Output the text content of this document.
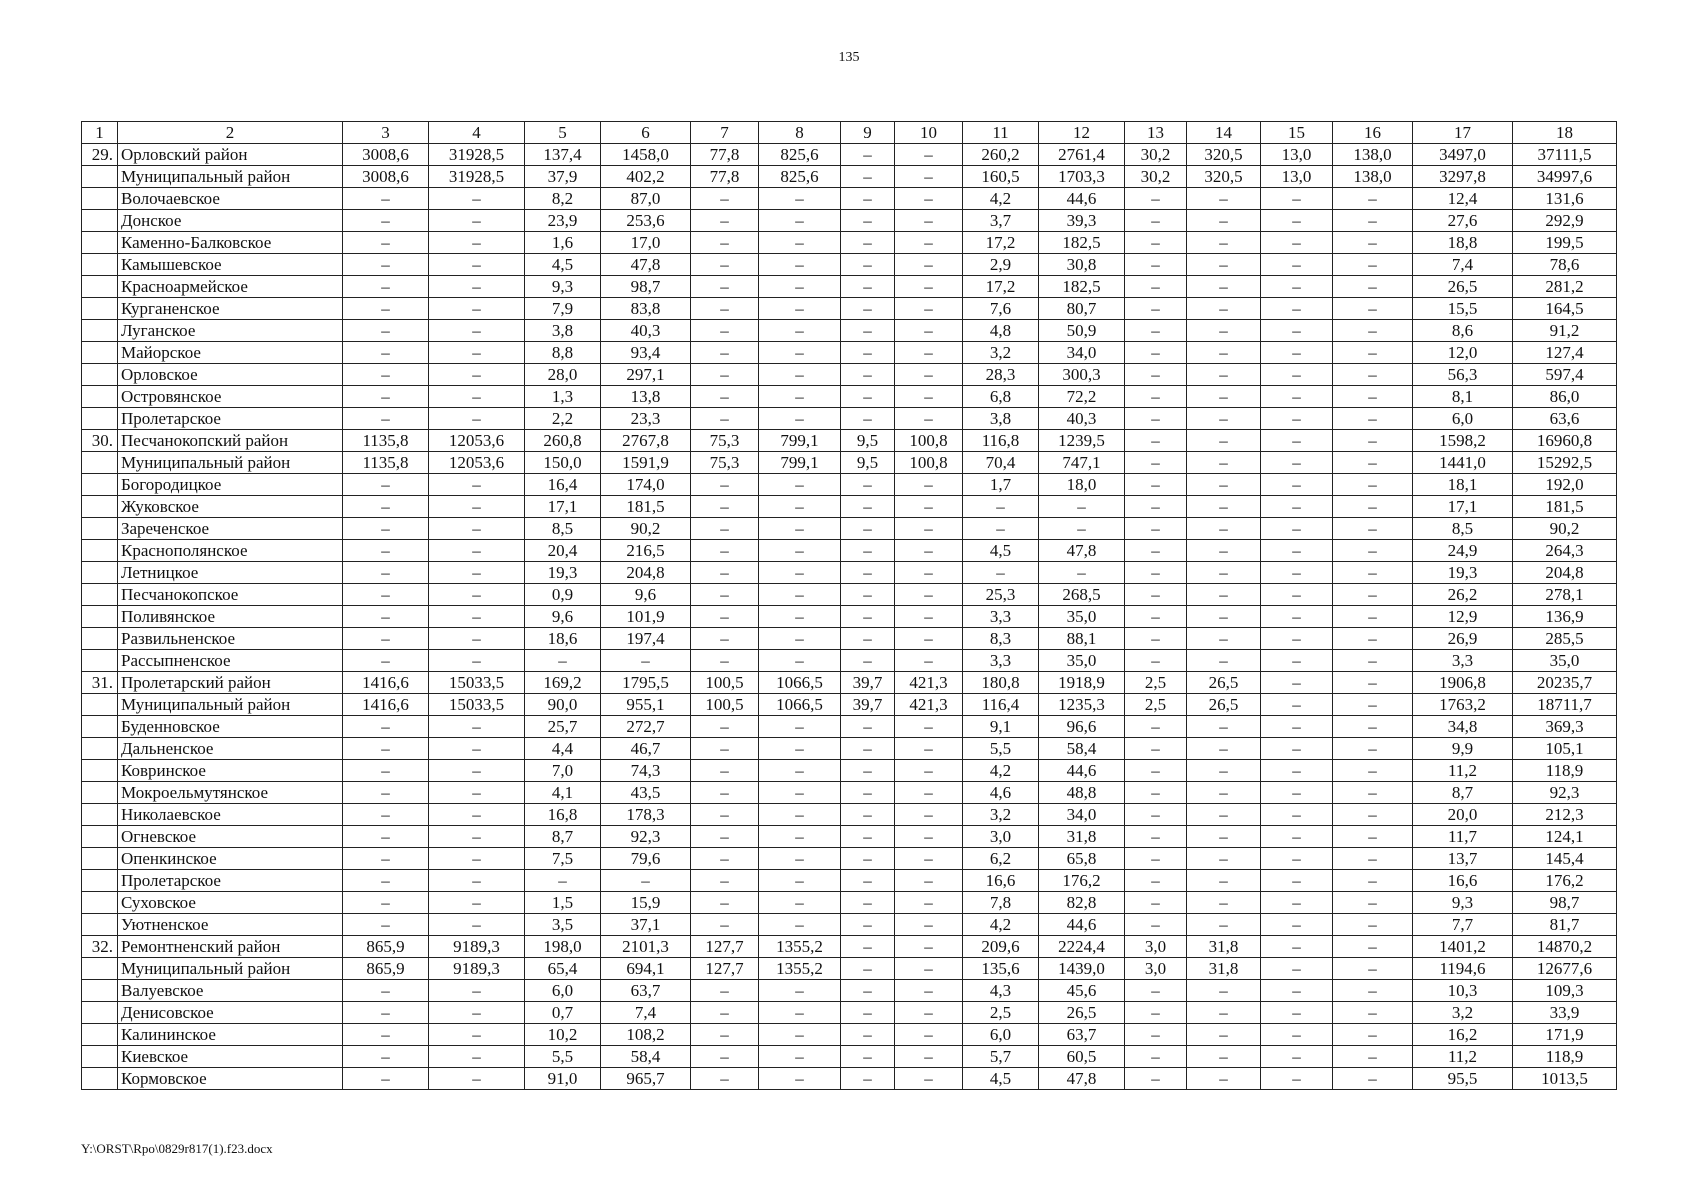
135
1	2	3	4	5	6	7	8	9	10	11	12	13	14	15	16	17	18
29.	Орловский район	3008,6	31928,5	137,4	1458,0	77,8	825,6	–	–	260,2	2761,4	30,2	320,5	13,0	138,0	3497,0	37111,5
	Муниципальный район	3008,6	31928,5	37,9	402,2	77,8	825,6	–	–	160,5	1703,3	30,2	320,5	13,0	138,0	3297,8	34997,6
	Волочаевское	–	–	8,2	87,0	–	–	–	–	4,2	44,6	–	–	–	–	12,4	131,6
	Донское	–	–	23,9	253,6	–	–	–	–	3,7	39,3	–	–	–	–	27,6	292,9
	Каменно-Балковское	–	–	1,6	17,0	–	–	–	–	17,2	182,5	–	–	–	–	18,8	199,5
	Камышевское	–	–	4,5	47,8	–	–	–	–	2,9	30,8	–	–	–	–	7,4	78,6
	Красноармейское	–	–	9,3	98,7	–	–	–	–	17,2	182,5	–	–	–	–	26,5	281,2
	Курганенское	–	–	7,9	83,8	–	–	–	–	7,6	80,7	–	–	–	–	15,5	164,5
	Луганское	–	–	3,8	40,3	–	–	–	–	4,8	50,9	–	–	–	–	8,6	91,2
	Майорское	–	–	8,8	93,4	–	–	–	–	3,2	34,0	–	–	–	–	12,0	127,4
	Орловское	–	–	28,0	297,1	–	–	–	–	28,3	300,3	–	–	–	–	56,3	597,4
	Островянское	–	–	1,3	13,8	–	–	–	–	6,8	72,2	–	–	–	–	8,1	86,0
	Пролетарское	–	–	2,2	23,3	–	–	–	–	3,8	40,3	–	–	–	–	6,0	63,6
30.	Песчанокопский район	1135,8	12053,6	260,8	2767,8	75,3	799,1	9,5	100,8	116,8	1239,5	–	–	–	–	1598,2	16960,8
	Муниципальный район	1135,8	12053,6	150,0	1591,9	75,3	799,1	9,5	100,8	70,4	747,1	–	–	–	–	1441,0	15292,5
	Богородицкое	–	–	16,4	174,0	–	–	–	–	1,7	18,0	–	–	–	–	18,1	192,0
	Жуковское	–	–	17,1	181,5	–	–	–	–	–	–	–	–	–	–	17,1	181,5
	Зареченское	–	–	8,5	90,2	–	–	–	–	–	–	–	–	–	–	8,5	90,2
	Краснополянское	–	–	20,4	216,5	–	–	–	–	4,5	47,8	–	–	–	–	24,9	264,3
	Летницкое	–	–	19,3	204,8	–	–	–	–	–	–	–	–	–	–	19,3	204,8
	Песчанокопское	–	–	0,9	9,6	–	–	–	–	25,3	268,5	–	–	–	–	26,2	278,1
	Поливянское	–	–	9,6	101,9	–	–	–	–	3,3	35,0	–	–	–	–	12,9	136,9
	Развильненское	–	–	18,6	197,4	–	–	–	–	8,3	88,1	–	–	–	–	26,9	285,5
	Рассыпненское	–	–	–	–	–	–	–	–	3,3	35,0	–	–	–	–	3,3	35,0
31.	Пролетарский район	1416,6	15033,5	169,2	1795,5	100,5	1066,5	39,7	421,3	180,8	1918,9	2,5	26,5	–	–	1906,8	20235,7
	Муниципальный район	1416,6	15033,5	90,0	955,1	100,5	1066,5	39,7	421,3	116,4	1235,3	2,5	26,5	–	–	1763,2	18711,7
	Буденновское	–	–	25,7	272,7	–	–	–	–	9,1	96,6	–	–	–	–	34,8	369,3
	Дальненское	–	–	4,4	46,7	–	–	–	–	5,5	58,4	–	–	–	–	9,9	105,1
	Ковринское	–	–	7,0	74,3	–	–	–	–	4,2	44,6	–	–	–	–	11,2	118,9
	Мокроельмутянское	–	–	4,1	43,5	–	–	–	–	4,6	48,8	–	–	–	–	8,7	92,3
	Николаевское	–	–	16,8	178,3	–	–	–	–	3,2	34,0	–	–	–	–	20,0	212,3
	Огневское	–	–	8,7	92,3	–	–	–	–	3,0	31,8	–	–	–	–	11,7	124,1
	Опенкинское	–	–	7,5	79,6	–	–	–	–	6,2	65,8	–	–	–	–	13,7	145,4
	Пролетарское	–	–	–	–	–	–	–	–	16,6	176,2	–	–	–	–	16,6	176,2
	Суховское	–	–	1,5	15,9	–	–	–	–	7,8	82,8	–	–	–	–	9,3	98,7
	Уютненское	–	–	3,5	37,1	–	–	–	–	4,2	44,6	–	–	–	–	7,7	81,7
32.	Ремонтненский район	865,9	9189,3	198,0	2101,3	127,7	1355,2	–	–	209,6	2224,4	3,0	31,8	–	–	1401,2	14870,2
	Муниципальный район	865,9	9189,3	65,4	694,1	127,7	1355,2	–	–	135,6	1439,0	3,0	31,8	–	–	1194,6	12677,6
	Валуевское	–	–	6,0	63,7	–	–	–	–	4,3	45,6	–	–	–	–	10,3	109,3
	Денисовское	–	–	0,7	7,4	–	–	–	–	2,5	26,5	–	–	–	–	3,2	33,9
	Калининское	–	–	10,2	108,2	–	–	–	–	6,0	63,7	–	–	–	–	16,2	171,9
	Киевское	–	–	5,5	58,4	–	–	–	–	5,7	60,5	–	–	–	–	11,2	118,9
	Кормовское	–	–	91,0	965,7	–	–	–	–	4,5	47,8	–	–	–	–	95,5	1013,5
Y:\ORST\Rpo\0829r817(1).f23.docx
